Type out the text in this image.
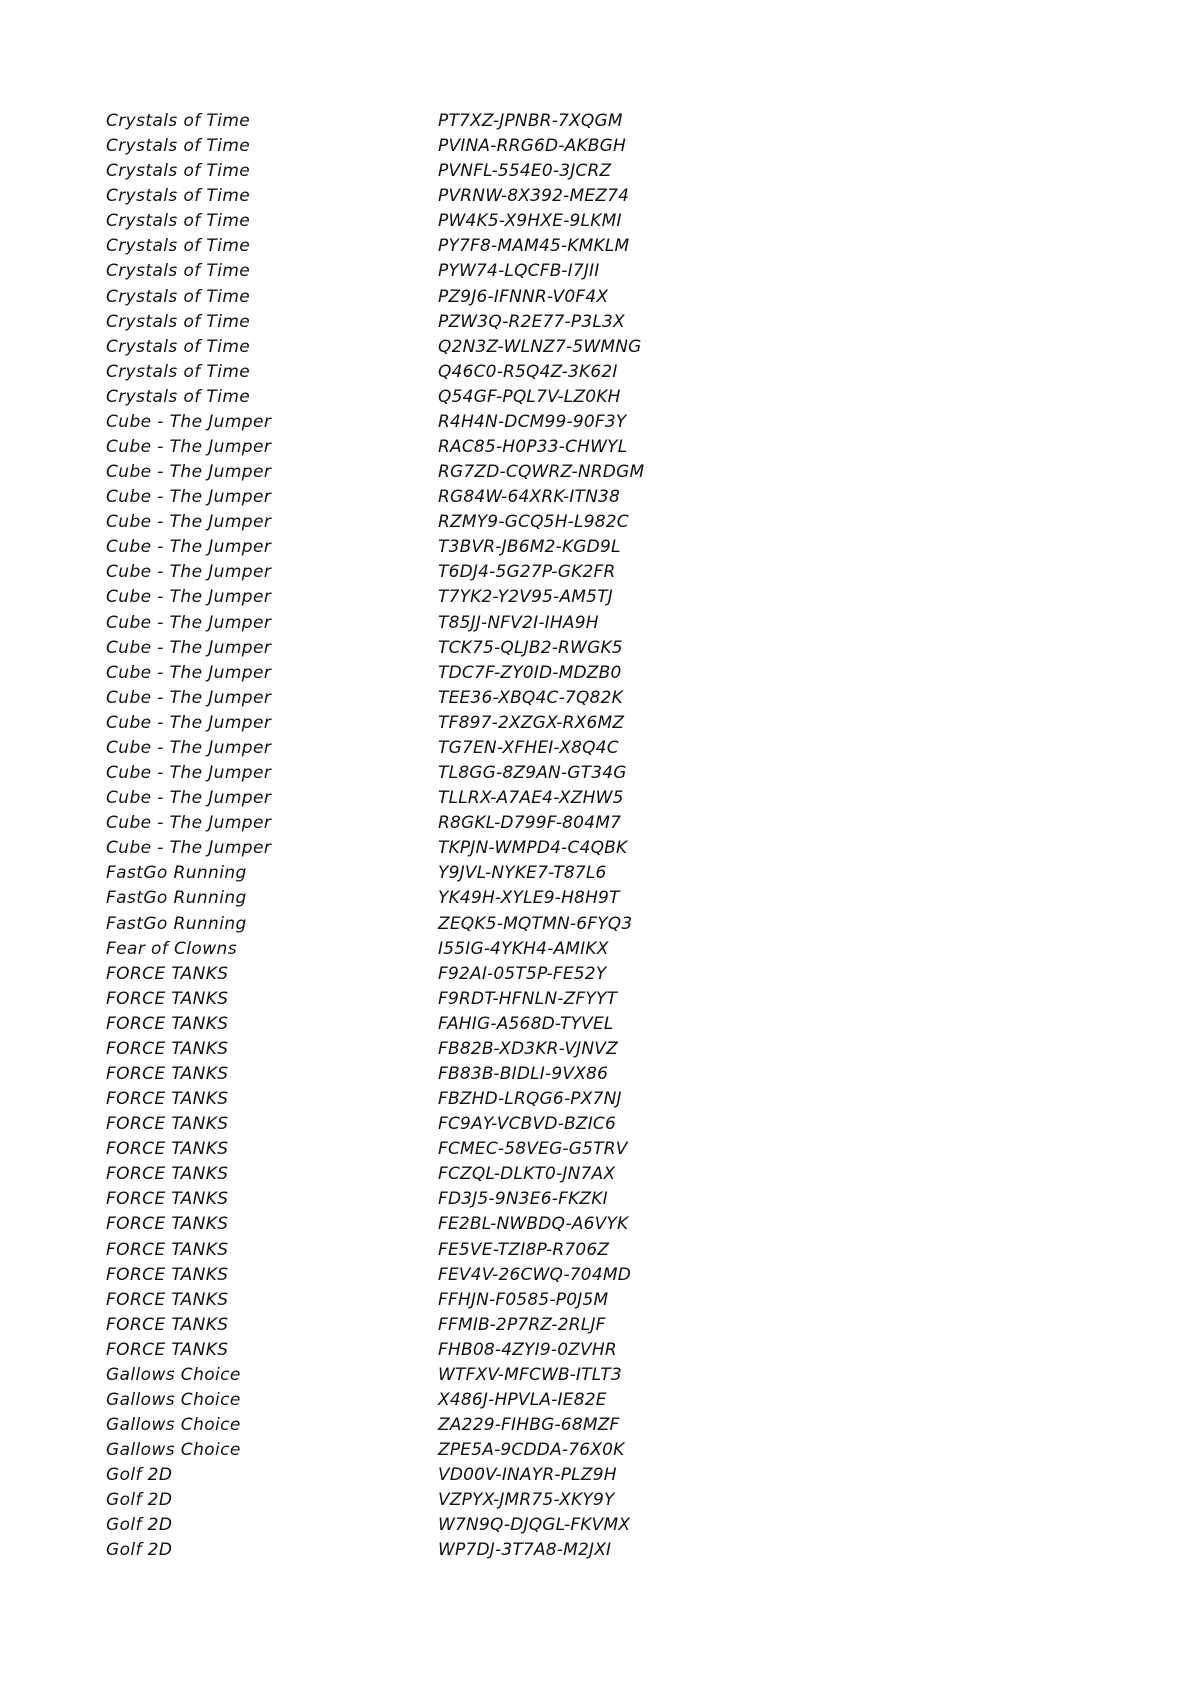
Crystals of Time	PT7XZ-JPNBR-7XQGM
Crystals of Time	PVINA-RRG6D-AKBGH
Crystals of Time	PVNFL-554E0-3JCRZ
Crystals of Time	PVRNW-8X392-MEZ74
Crystals of Time	PW4K5-X9HXE-9LKMI
Crystals of Time	PY7F8-MAM45-KMKLM
Crystals of Time	PYW74-LQCFB-I7JII
Crystals of Time	PZ9J6-IFNNR-V0F4X
Crystals of Time	PZW3Q-R2E77-P3L3X
Crystals of Time	Q2N3Z-WLNZ7-5WMNG
Crystals of Time	Q46C0-R5Q4Z-3K62I
Crystals of Time	Q54GF-PQL7V-LZ0KH
Cube - The Jumper	R4H4N-DCM99-90F3Y
Cube - The Jumper	RAC85-H0P33-CHWYL
Cube - The Jumper	RG7ZD-CQWRZ-NRDGM
Cube - The Jumper	RG84W-64XRK-ITN38
Cube - The Jumper	RZMY9-GCQ5H-L982C
Cube - The Jumper	T3BVR-JB6M2-KGD9L
Cube - The Jumper	T6DJ4-5G27P-GK2FR
Cube - The Jumper	T7YK2-Y2V95-AM5TJ
Cube - The Jumper	T85JJ-NFV2I-IHA9H
Cube - The Jumper	TCK75-QLJB2-RWGK5
Cube - The Jumper	TDC7F-ZY0ID-MDZB0
Cube - The Jumper	TEE36-XBQ4C-7Q82K
Cube - The Jumper	TF897-2XZGX-RX6MZ
Cube - The Jumper	TG7EN-XFHEI-X8Q4C
Cube - The Jumper	TL8GG-8Z9AN-GT34G
Cube - The Jumper	TLLRX-A7AE4-XZHW5
Cube - The Jumper	R8GKL-D799F-804M7
Cube - The Jumper	TKPJN-WMPD4-C4QBK
FastGo Running	Y9JVL-NYKE7-T87L6
FastGo Running	YK49H-XYLE9-H8H9T
FastGo Running	ZEQK5-MQTMN-6FYQ3
Fear of Clowns	I55IG-4YKH4-AMIKX
FORCE TANKS	F92AI-05T5P-FE52Y
FORCE TANKS	F9RDT-HFNLN-ZFYYT
FORCE TANKS	FAHIG-A568D-TYVEL
FORCE TANKS	FB82B-XD3KR-VJNVZ
FORCE TANKS	FB83B-BIDLI-9VX86
FORCE TANKS	FBZHD-LRQG6-PX7NJ
FORCE TANKS	FC9AY-VCBVD-BZIC6
FORCE TANKS	FCMEC-58VEG-G5TRV
FORCE TANKS	FCZQL-DLKT0-JN7AX
FORCE TANKS	FD3J5-9N3E6-FKZKI
FORCE TANKS	FE2BL-NWBDQ-A6VYK
FORCE TANKS	FE5VE-TZI8P-R706Z
FORCE TANKS	FEV4V-26CWQ-704MD
FORCE TANKS	FFHJN-F0585-P0J5M
FORCE TANKS	FFMIB-2P7RZ-2RLJF
FORCE TANKS	FHB08-4ZYI9-0ZVHR
Gallows Choice	WTFXV-MFCWB-ITLT3
Gallows Choice	X486J-HPVLA-IE82E
Gallows Choice	ZA229-FIHBG-68MZF
Gallows Choice	ZPE5A-9CDDA-76X0K
Golf 2D	VD00V-INAYR-PLZ9H
Golf 2D	VZPYX-JMR75-XKY9Y
Golf 2D	W7N9Q-DJQGL-FKVMX
Golf 2D	WP7DJ-3T7A8-M2JXI
